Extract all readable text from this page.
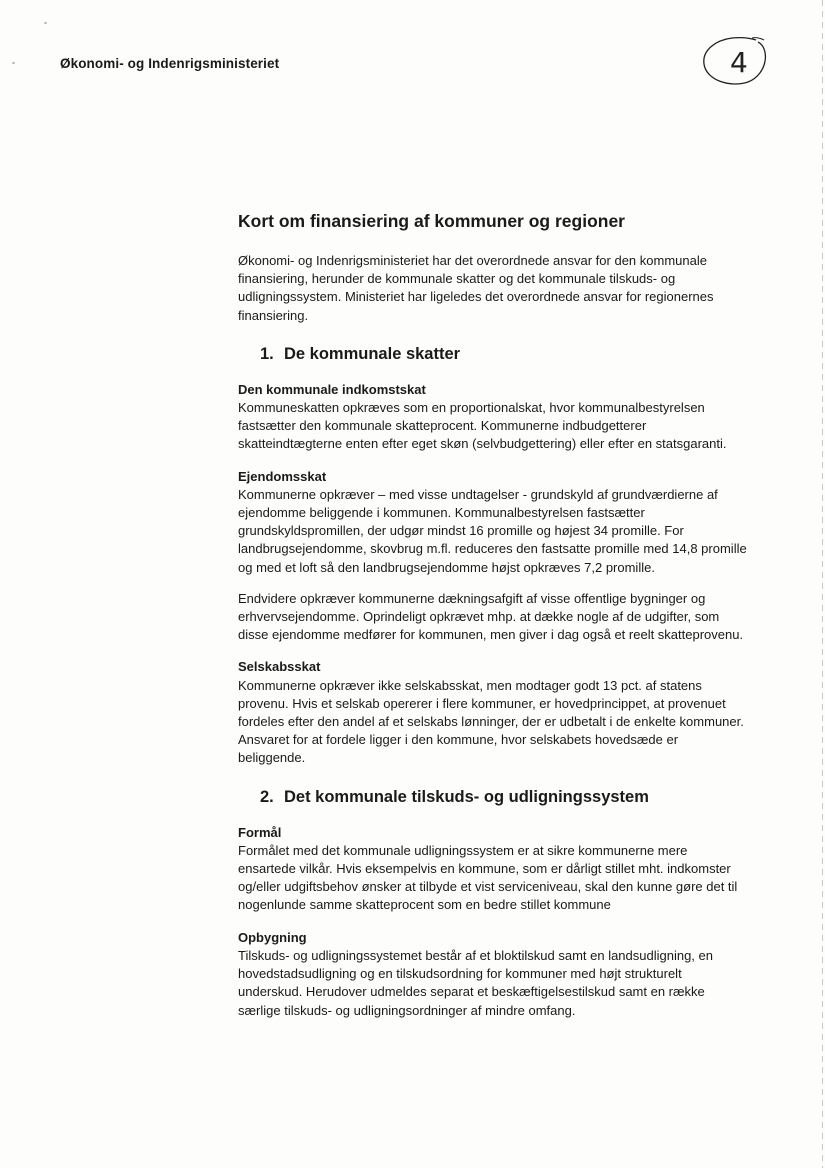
Økonomi- og Indenrigsministeriet	4
Kort om finansiering af kommuner og regioner

Økonomi- og Indenrigsministeriet har det overordnede ansvar for den kommunale finansiering, herunder de kommunale skatter og det kommunale tilskuds- og udligningssystem. Ministeriet har ligeledes det overordnede ansvar for regionernes finansiering.

1. De kommunale skatter
Den kommunale indkomstskat

Kommuneskatten opkræves som en proportionalskat, hvor kommunalbestyrelsen fastsætter den kommunale skatteprocent. Kommunerne indbudgetterer skatteindtægterne enten efter eget skøn (selvbudgettering) eller efter en statsgaranti.

Ejendomsskat

Kommunerne opkræver – med visse undtagelser - grundskyld af grundværdierne af ejendomme beliggende i kommunen. Kommunalbestyrelsen fastsætter grundskyldspromillen, der udgør mindst 16 promille og højest 34 promille. For landbrugsejendomme, skovbrug m.fl. reduceres den fastsatte promille med 14,8 promille og med et loft så den landbrugsejendomme højst opkræves 7,2 promille.

Endvidere opkræver kommunerne dækningsafgift af visse offentlige bygninger og erhvervsejendomme. Oprindeligt opkrævet mhp. at dække nogle af de udgifter, som disse ejendomme medfører for kommunen, men giver i dag også et reelt skatteprovenu.

Selskabsskat

Kommunerne opkræver ikke selskabsskat, men modtager godt 13 pct. af statens provenu. Hvis et selskab opererer i flere kommuner, er hovedprincippet, at provenuet fordeles efter den andel af et selskabs lønninger, der er udbetalt i de enkelte kommuner. Ansvaret for at fordele ligger i den kommune, hvor selskabets hovedsæde er beliggende.

2. Det kommunale tilskuds- og udligningssystem
Formål

Formålet med det kommunale udligningssystem er at sikre kommunerne mere ensartede vilkår. Hvis eksempelvis en kommune, som er dårligt stillet mht. indkomster og/eller udgiftsbehov ønsker at tilbyde et vist serviceniveau, skal den kunne gøre det til nogenlunde samme skatteprocent som en bedre stillet kommune

Opbygning

Tilskuds- og udligningssystemet består af et bloktilskud samt en landsudligning, en hovedstadsudligning og en tilskudsordning for kommuner med højt strukturelt underskud. Herudover udmeldes separat et beskæftigelsestilskud samt en række særlige tilskuds- og udligningsordninger af mindre omfang.
